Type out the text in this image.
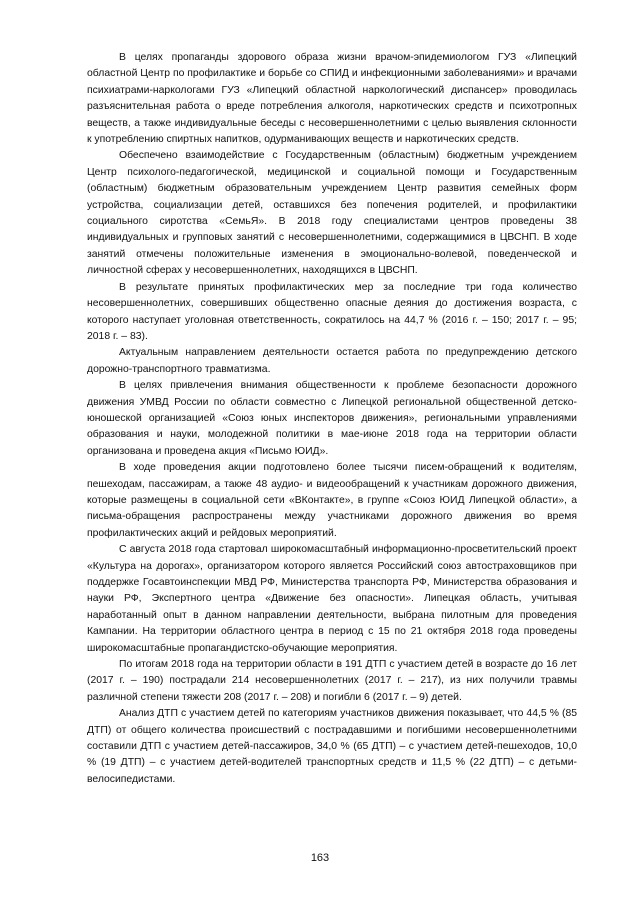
В целях пропаганды здорового образа жизни врачом-эпидемиологом ГУЗ «Липецкий областной Центр по профилактике и борьбе со СПИД и инфекционными заболеваниями» и врачами психиатрами-наркологами ГУЗ «Липецкий областной наркологический диспансер» проводилась разъяснительная работа о вреде потребления алкоголя, наркотических средств и психотропных веществ, а также индивидуальные беседы с несовершеннолетними с целью выявления склонности к употреблению спиртных напитков, одурманивающих веществ и наркотических средств.

Обеспечено взаимодействие с Государственным (областным) бюджетным учреждением Центр психолого-педагогической, медицинской и социальной помощи и Государственным (областным) бюджетным образовательным учреждением Центр развития семейных форм устройства, социализации детей, оставшихся без попечения родителей, и профилактики социального сиротства «СемьЯ». В 2018 году специалистами центров проведены 38 индивидуальных и групповых занятий с несовершеннолетними, содержащимися в ЦВСНП. В ходе занятий отмечены положительные изменения в эмоционально-волевой, поведенческой и личностной сферах у несовершеннолетних, находящихся в ЦВСНП.

В результате принятых профилактических мер за последние три года количество несовершеннолетних, совершивших общественно опасные деяния до достижения возраста, с которого наступает уголовная ответственность, сократилось на 44,7 % (2016 г. – 150; 2017 г. – 95; 2018 г. – 83).

Актуальным направлением деятельности остается работа по предупреждению детского дорожно-транспортного травматизма.

В целях привлечения внимания общественности к проблеме безопасности дорожного движения УМВД России по области совместно с Липецкой региональной общественной детско-юношеской организацией «Союз юных инспекторов движения», региональными управлениями образования и науки, молодежной политики в мае-июне 2018 года на территории области организована и проведена акция «Письмо ЮИД».

В ходе проведения акции подготовлено более тысячи писем-обращений к водителям, пешеходам, пассажирам, а также 48 аудио- и видеообращений к участникам дорожного движения, которые размещены в социальной сети «ВКонтакте», в группе «Союз ЮИД Липецкой области», а письма-обращения распространены между участниками дорожного движения во время профилактических акций и рейдовых мероприятий.

С августа 2018 года стартовал широкомасштабный информационно-просветительский проект «Культура на дорогах», организатором которого является Российский союз автостраховщиков при поддержке Госавтоинспекции МВД РФ, Министерства транспорта РФ, Министерства образования и науки РФ, Экспертного центра «Движение без опасности». Липецкая область, учитывая наработанный опыт в данном направлении деятельности, выбрана пилотным для проведения Кампании. На территории областного центра в период с 15 по 21 октября 2018 года проведены широкомасштабные пропагандистско-обучающие мероприятия.

По итогам 2018 года на территории области в 191 ДТП с участием детей в возрасте до 16 лет (2017 г. – 190) пострадали 214 несовершеннолетних (2017 г. – 217), из них получили травмы различной степени тяжести 208 (2017 г. – 208) и погибли 6 (2017 г. – 9) детей.

Анализ ДТП с участием детей по категориям участников движения показывает, что 44,5 % (85 ДТП) от общего количества происшествий с пострадавшими и погибшими несовершеннолетними составили ДТП с участием детей-пассажиров, 34,0 % (65 ДТП) – с участием детей-пешеходов, 10,0 % (19 ДТП) – с участием детей-водителей транспортных средств и 11,5 % (22 ДТП) – с детьми-велосипедистами.

163
